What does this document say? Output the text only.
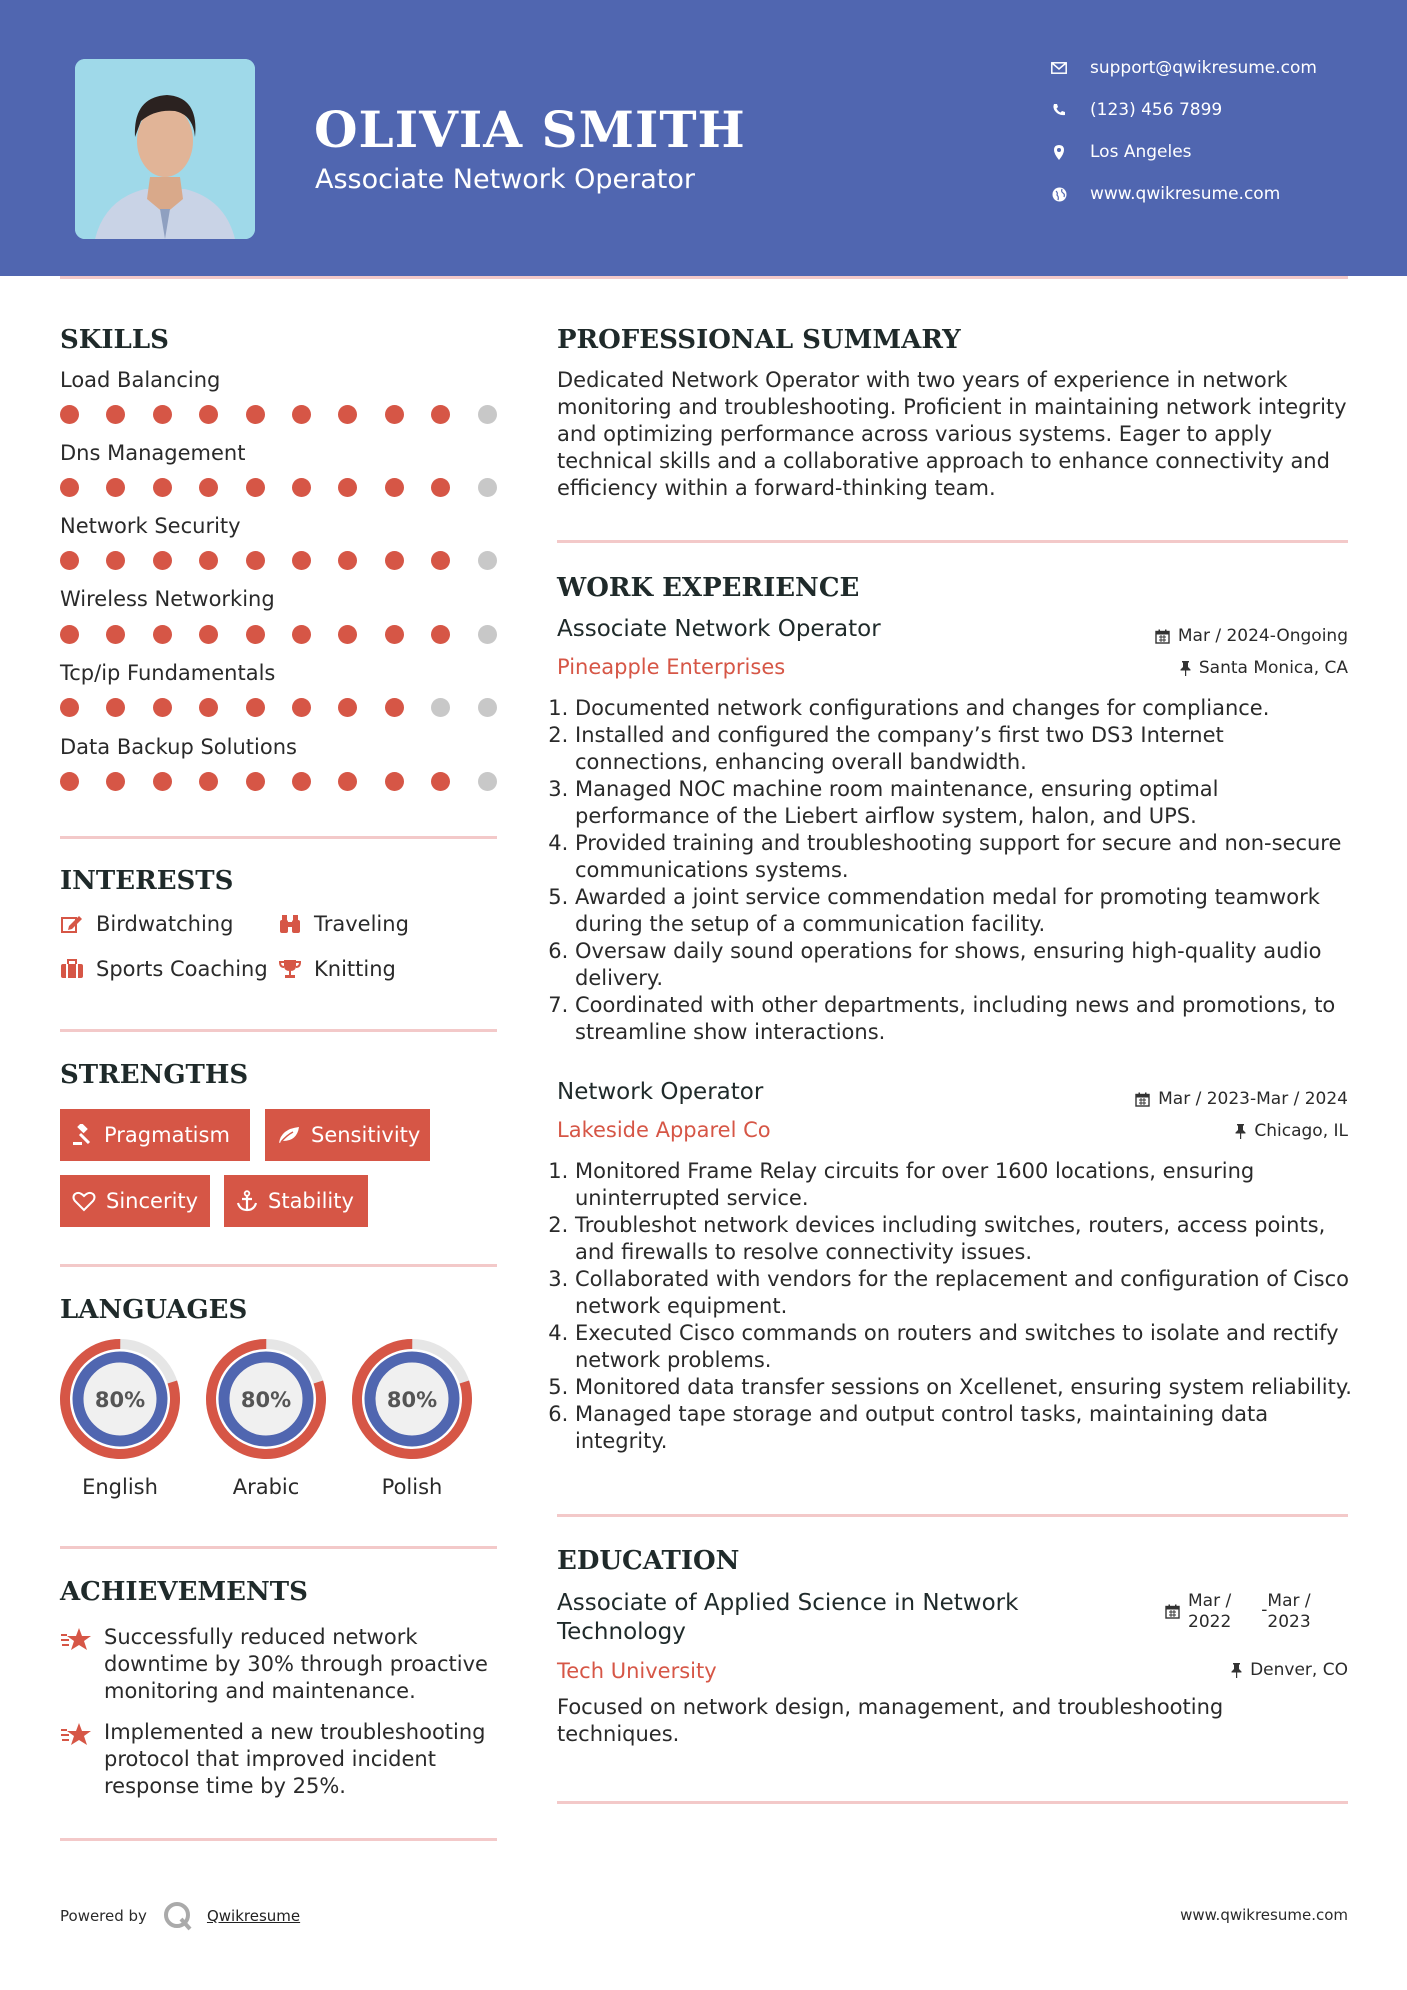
OLIVIA SMITH
Associate Network Operator
support@qwikresume.com
(123) 456 7899
Los Angeles
www.qwikresume.com
SKILLS
Load Balancing
Dns Management
Network Security
Wireless Networking
Tcp/ip Fundamentals
Data Backup Solutions
INTERESTS
Birdwatching	Traveling
Sports Coaching Knitting
STRENGTHS
Pragmatism	Sensitivity
Sincerity	Stability
LANGUAGES
80%	80%	80%
English	Arabic	Polish
ACHIEVEMENTS
Successfully reduced network downtime by 30% through proactive monitoring and maintenance.
Implemented a new troubleshooting protocol that improved incident response time by 25%.
PROFESSIONAL SUMMARY
Dedicated Network Operator with two years of experience in network monitoring and troubleshooting. Proficient in maintaining network integrity and optimizing performance across various systems. Eager to apply technical skills and a collaborative approach to enhance connectivity and efficiency within a forward-thinking team.
WORK EXPERIENCE
Associate Network Operator	Mar / 2024-Ongoing
Pineapple Enterprises	Santa Monica, CA
1. Documented network configurations and changes for compliance.
2. Installed and configured the company’s first two DS3 Internet connections, enhancing overall bandwidth.
3. Managed NOC machine room maintenance, ensuring optimal performance of the Liebert airflow system, halon, and UPS.
4. Provided training and troubleshooting support for secure and non-secure communications systems.
5. Awarded a joint service commendation medal for promoting teamwork during the setup of a communication facility.
6. Oversaw daily sound operations for shows, ensuring high-quality audio delivery.
7. Coordinated with other departments, including news and promotions, to streamline show interactions.
Network Operator	Mar / 2023-Mar / 2024
Lakeside Apparel Co	Chicago, IL
1. Monitored Frame Relay circuits for over 1600 locations, ensuring uninterrupted service.
2. Troubleshot network devices including switches, routers, access points, and firewalls to resolve connectivity issues.
3. Collaborated with vendors for the replacement and configuration of Cisco network equipment.
4. Executed Cisco commands on routers and switches to isolate and rectify network problems.
5. Monitored data transfer sessions on Xcellenet, ensuring system reliability.
6. Managed tape storage and output control tasks, maintaining data integrity.
EDUCATION
Associate of Applied Science in Network Technology
Mar /
2022
- Mar /
2023
Tech University	Denver, CO
Focused on network design, management, and troubleshooting techniques.
Powered by	Qwikresume	www.qwikresume.com
